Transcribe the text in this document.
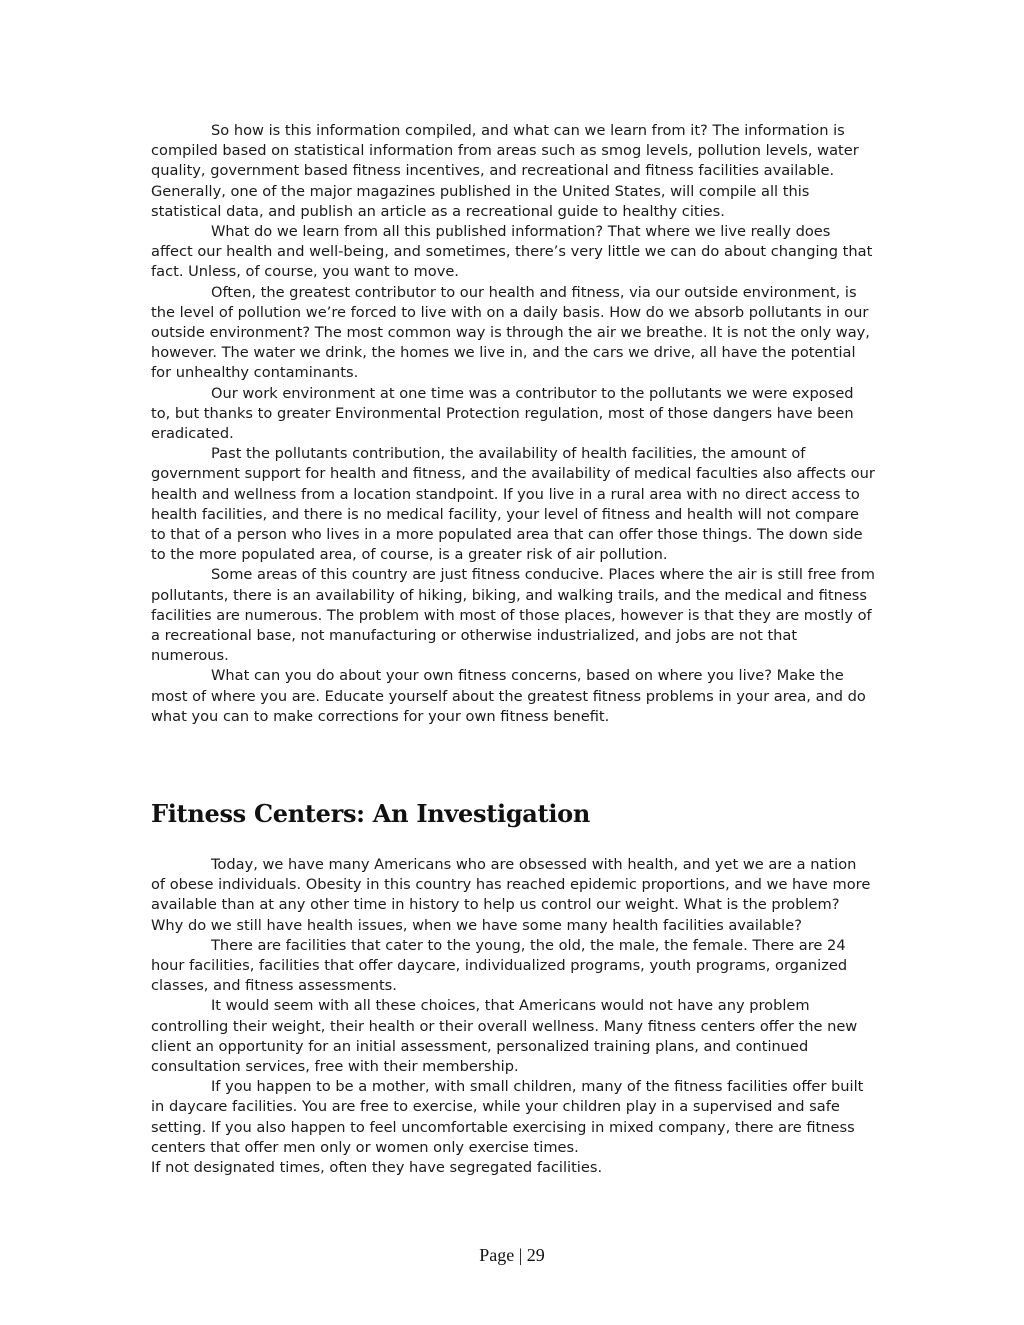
So how is this information compiled, and what can we learn from it? The information is compiled based on statistical information from areas such as smog levels, pollution levels, water quality, government based fitness incentives, and recreational and fitness facilities available. Generally, one of the major magazines published in the United States, will compile all this statistical data, and publish an article as a recreational guide to healthy cities.

What do we learn from all this published information? That where we live really does affect our health and well-being, and sometimes, there’s very little we can do about changing that fact. Unless, of course, you want to move.

Often, the greatest contributor to our health and fitness, via our outside environment, is the level of pollution we’re forced to live with on a daily basis. How do we absorb pollutants in our outside environment? The most common way is through the air we breathe. It is not the only way, however. The water we drink, the homes we live in, and the cars we drive, all have the potential for unhealthy contaminants.

Our work environment at one time was a contributor to the pollutants we were exposed to, but thanks to greater Environmental Protection regulation, most of those dangers have been eradicated.

Past the pollutants contribution, the availability of health facilities, the amount of government support for health and fitness, and the availability of medical faculties also affects our health and wellness from a location standpoint. If you live in a rural area with no direct access to health facilities, and there is no medical facility, your level of fitness and health will not compare to that of a person who lives in a more populated area that can offer those things. The down side to the more populated area, of course, is a greater risk of air pollution.

Some areas of this country are just fitness conducive. Places where the air is still free from pollutants, there is an availability of hiking, biking, and walking trails, and the medical and fitness facilities are numerous. The problem with most of those places, however is that they are mostly of a recreational base, not manufacturing or otherwise industrialized, and jobs are not that numerous.

What can you do about your own fitness concerns, based on where you live? Make the most of where you are. Educate yourself about the greatest fitness problems in your area, and do what you can to make corrections for your own fitness benefit.

Fitness Centers: An Investigation

Today, we have many Americans who are obsessed with health, and yet we are a nation of obese individuals. Obesity in this country has reached epidemic proportions, and we have more available than at any other time in history to help us control our weight. What is the problem? Why do we still have health issues, when we have some many health facilities available?

There are facilities that cater to the young, the old, the male, the female. There are 24 hour facilities, facilities that offer daycare, individualized programs, youth programs, organized classes, and fitness assessments.

It would seem with all these choices, that Americans would not have any problem controlling their weight, their health or their overall wellness. Many fitness centers offer the new client an opportunity for an initial assessment, personalized training plans, and continued consultation services, free with their membership.

If you happen to be a mother, with small children, many of the fitness facilities offer built in daycare facilities. You are free to exercise, while your children play in a supervised and safe setting. If you also happen to feel uncomfortable exercising in mixed company, there are fitness centers that offer men only or women only exercise times.

If not designated times, often they have segregated facilities.

Page | 29
